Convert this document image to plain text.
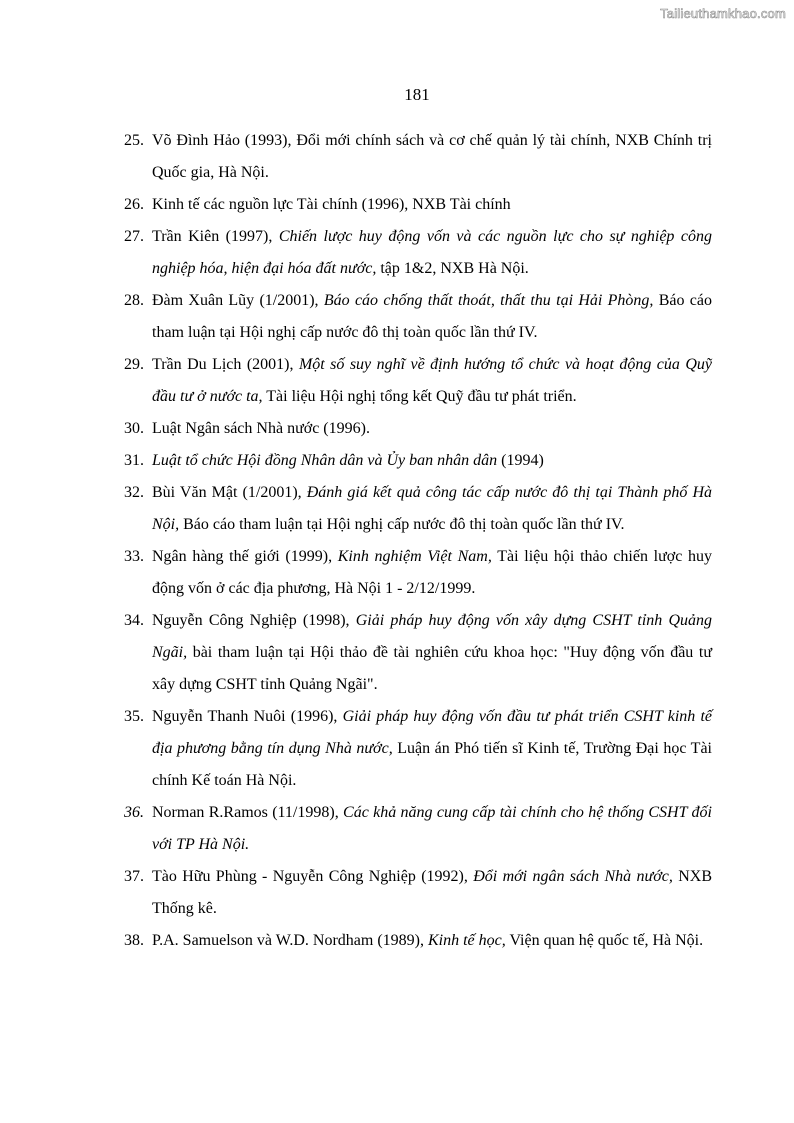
Tailieuthamkhao.com
181
25. Võ Đình Hảo (1993), Đổi mới chính sách và cơ chế quản lý tài chính, NXB Chính trị Quốc gia, Hà Nội.
26. Kinh tế các nguồn lực Tài chính (1996), NXB Tài chính
27. Trần Kiên (1997), Chiến lược huy động vốn và các nguồn lực cho sự nghiệp công nghiệp hóa, hiện đại hóa đất nước, tập 1&2, NXB Hà Nội.
28. Đàm Xuân Lũy (1/2001), Báo cáo chống thất thoát, thất thu tại Hải Phòng, Báo cáo tham luận tại Hội nghị cấp nước đô thị toàn quốc lần thứ IV.
29. Trần Du Lịch (2001), Một số suy nghĩ về định hướng tổ chức và hoạt động của Quỹ đầu tư ở nước ta, Tài liệu Hội nghị tổng kết Quỹ đầu tư phát triển.
30. Luật Ngân sách Nhà nước (1996).
31. Luật tổ chức Hội đồng Nhân dân và Ủy ban nhân dân (1994)
32. Bùi Văn Mật (1/2001), Đánh giá kết quả công tác cấp nước đô thị tại Thành phố Hà Nội, Báo cáo tham luận tại Hội nghị cấp nước đô thị toàn quốc lần thứ IV.
33. Ngân hàng thế giới (1999), Kinh nghiệm Việt Nam, Tài liệu hội thảo chiến lược huy động vốn ở các địa phương, Hà Nội 1 - 2/12/1999.
34. Nguyễn Công Nghiệp (1998), Giải pháp huy động vốn xây dựng CSHT tỉnh Quảng Ngãi, bài tham luận tại Hội thảo đề tài nghiên cứu khoa học: "Huy động vốn đầu tư xây dựng CSHT tỉnh Quảng Ngãi".
35. Nguyễn Thanh Nuôi (1996), Giải pháp huy động vốn đầu tư phát triển CSHT kinh tế địa phương bằng tín dụng Nhà nước, Luận án Phó tiến sĩ Kinh tế, Trường Đại học Tài chính Kế toán Hà Nội.
36. Norman R.Ramos (11/1998), Các khả năng cung cấp tài chính cho hệ thống CSHT đối với TP Hà Nội.
37. Tào Hữu Phùng - Nguyễn Công Nghiệp (1992), Đổi mới ngân sách Nhà nước, NXB Thống kê.
38. P.A. Samuelson và W.D. Nordham (1989), Kinh tế học, Viện quan hệ quốc tế, Hà Nội.
